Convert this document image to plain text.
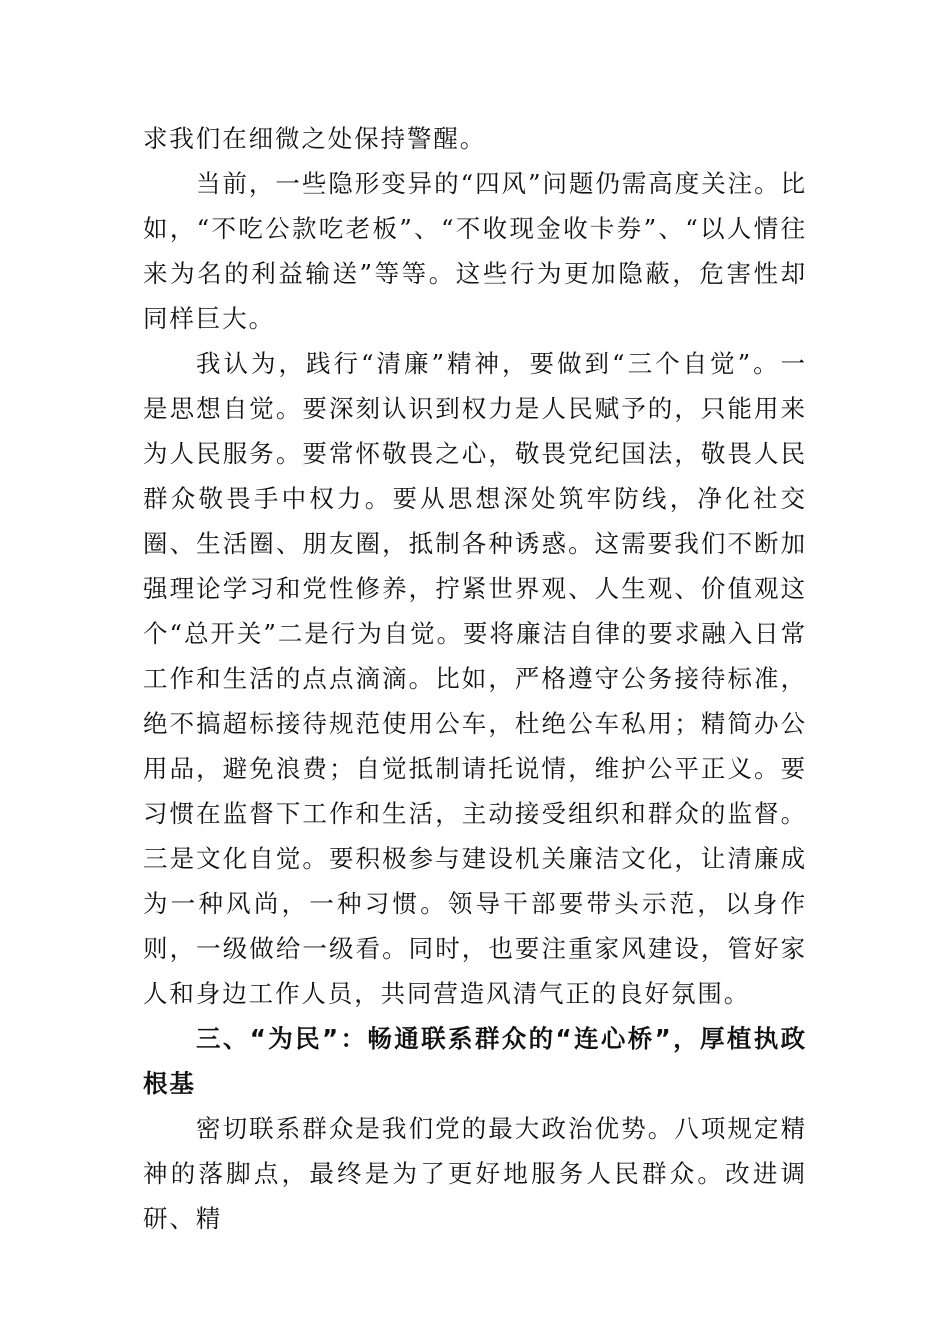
求我们在细微之处保持警醒。

当前，一些隐形变异的“四风”问题仍需高度关注。比如，“不吃公款吃老板”、“不收现金收卡券”、“以人情往来为名的利益输送”等等。这些行为更加隐蔽，危害性却同样巨大。

我认为，践行“清廉”精神，要做到“三个自觉”。一是思想自觉。要深刻认识到权力是人民赋予的，只能用来为人民服务。要常怀敬畏之心，敬畏党纪国法，敬畏人民群众敬畏手中权力。要从思想深处筑牢防线，净化社交圈、生活圈、朋友圈，抵制各种诱惑。这需要我们不断加强理论学习和党性修养，拧紧世界观、人生观、价值观这个“总开关”二是行为自觉。要将廉洁自律的要求融入日常工作和生活的点点滴滴。比如，严格遵守公务接待标准，绝不搞超标接待规范使用公车，杜绝公车私用；精简办公用品，避免浪费；自觉抵制请托说情，维护公平正义。要习惯在监督下工作和生活，主动接受组织和群众的监督。三是文化自觉。要积极参与建设机关廉洁文化，让清廉成为一种风尚，一种习惯。领导干部要带头示范，以身作则，一级做给一级看。同时，也要注重家风建设，管好家人和身边工作人员，共同营造风清气正的良好氛围。

三、“为民”：畅通联系群众的“连心桥”，厚植执政根基

密切联系群众是我们党的最大政治优势。八项规定精神的落脚点，最终是为了更好地服务人民群众。改进调研、精
